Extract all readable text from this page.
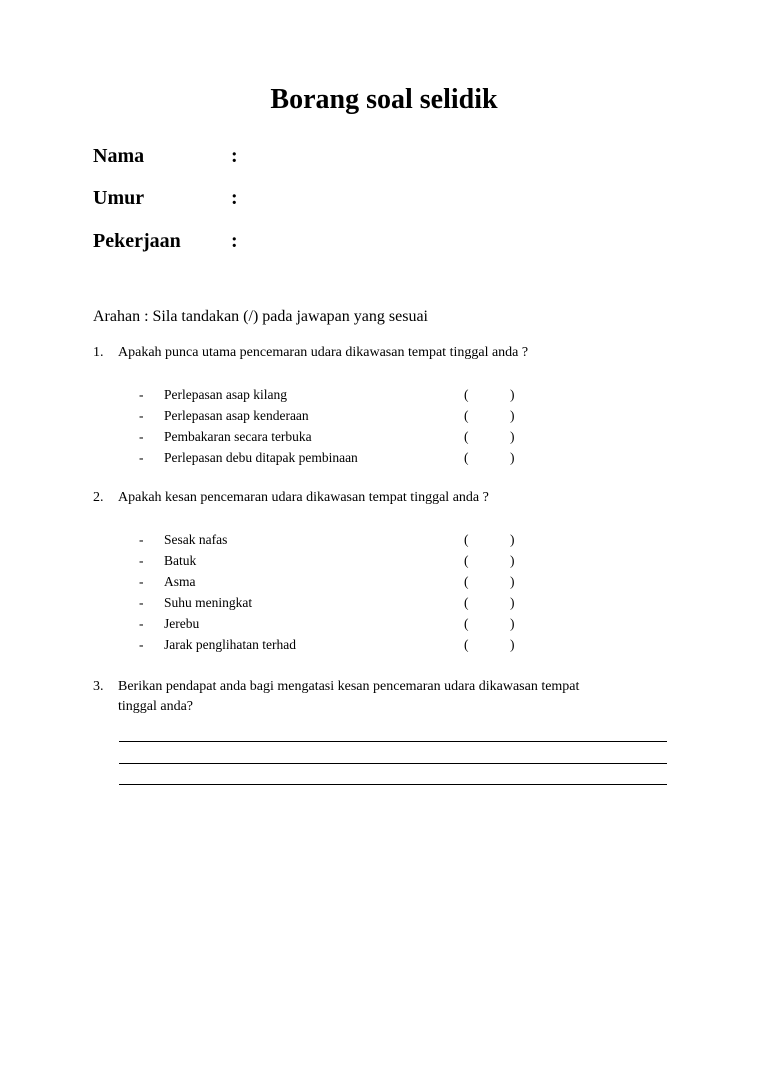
Borang soal selidik
Nama	:
Umur	:
Pekerjaan	:
Arahan : Sila tandakan (/) pada jawapan yang sesuai
1. Apakah punca utama pencemaran udara dikawasan tempat tinggal anda ?
- Perlepasan asap kilang	(	)
- Perlepasan asap kenderaan	(	)
- Pembakaran secara terbuka	(	)
- Perlepasan debu ditapak pembinaan	(	)
2. Apakah kesan pencemaran udara dikawasan tempat tinggal anda ?
- Sesak nafas	(	)
- Batuk	(	)
- Asma	(	)
- Suhu meningkat	(	)
- Jerebu	(	)
- Jarak penglihatan terhad	(	)
3. Berikan pendapat anda bagi mengatasi kesan pencemaran udara dikawasan tempat
tinggal anda?
